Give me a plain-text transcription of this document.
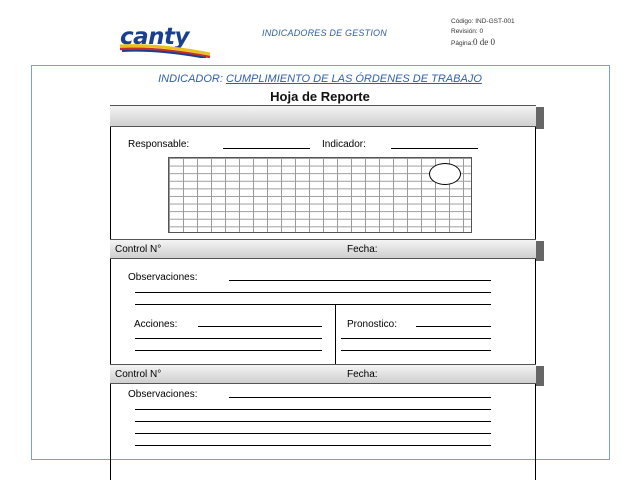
canty	INDICADORES DE GESTION
Código: IND-GST-001
Revisión: 0
Página:0 de 0
INDICADOR: CUMPLIMIENTO DE LAS ÓRDENES DE TRABAJO
Hoja de Reporte
Responsable:	Indicador:
Control N°	Fecha:
Observaciones:
Acciones:	Pronostico:
Control N°	Fecha:
Observaciones:
